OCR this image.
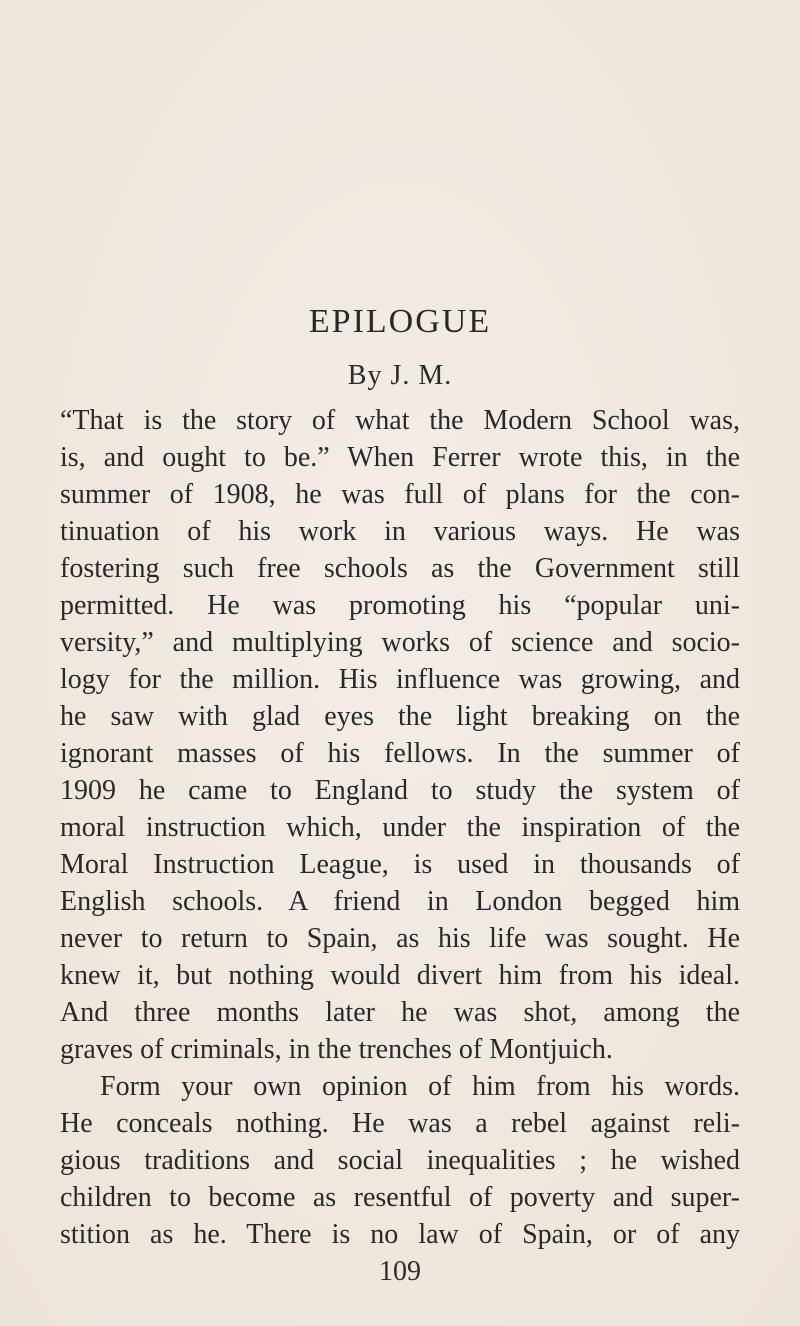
EPILOGUE
By J. M.
“That is the story of what the Modern School was,
is, and ought to be.” When Ferrer wrote this, in the
summer of 1908, he was full of plans for the con-
tinuation of his work in various ways. He was
fostering such free schools as the Government still
permitted. He was promoting his “popular uni-
versity,” and multiplying works of science and socio-
logy for the million. His influence was growing, and
he saw with glad eyes the light breaking on the
ignorant masses of his fellows. In the summer of
1909 he came to England to study the system of
moral instruction which, under the inspiration of the
Moral Instruction League, is used in thousands of
English schools. A friend in London begged him
never to return to Spain, as his life was sought. He
knew it, but nothing would divert him from his ideal.
And three months later he was shot, among the
graves of criminals, in the trenches of Montjuich.
Form your own opinion of him from his words.
He conceals nothing. He was a rebel against reli-
gious traditions and social inequalities ; he wished
children to become as resentful of poverty and super-
stition as he. There is no law of Spain, or of any
109
